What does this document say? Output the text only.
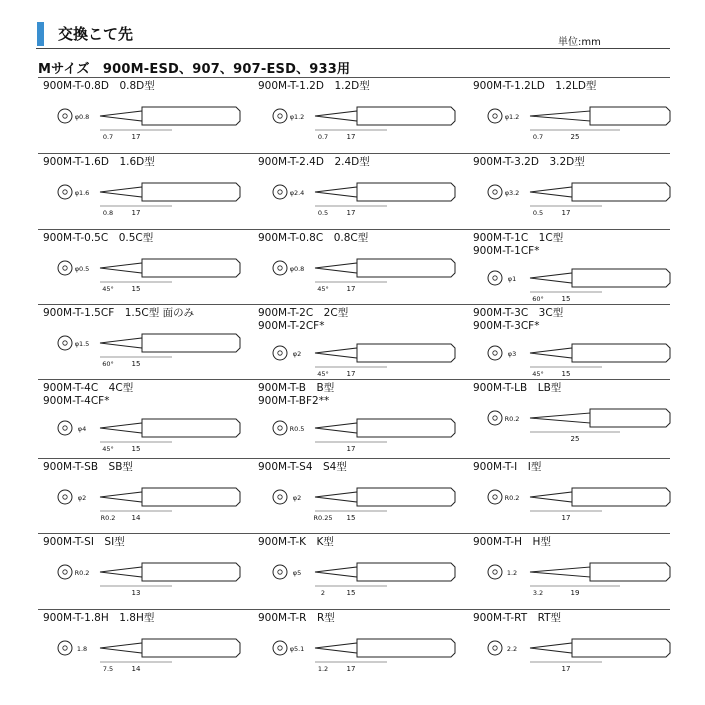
交換こて先	単位:mm
Mサイズ　900M-ESD、907、907-ESD、933用
900M-T-0.8D　0.8D型
17
φ0.8
0.7
900M-T-1.2D　1.2D型
17
φ1.2
0.7
900M-T-1.2LD　1.2LD型
25
φ1.2
0.7
900M-T-1.6D　1.6D型
17
φ1.6
0.8
900M-T-2.4D　2.4D型
17
φ2.4
0.5
900M-T-3.2D　3.2D型
17
φ3.2
0.5
900M-T-0.5C　0.5C型
15
φ0.5
45°
900M-T-0.8C　0.8C型
17
φ0.8
45°
900M-T-1C　1C型
900M-T-1CF*
15
φ1
60°
900M-T-1.5CF　1.5C型 面のみ
15
φ1.5
60°
900M-T-2C　2C型
900M-T-2CF*
17
φ2
45°
900M-T-3C　3C型
900M-T-3CF*
15
φ3
45°
900M-T-4C　4C型
900M-T-4CF*
15
φ4
45°
900M-T-B　B型
900M-T-BF2**
17
R0.5
900M-T-LB　LB型
25
R0.2
900M-T-SB　SB型
14
φ2
R0.2
900M-T-S4　S4型
15
φ2
R0.25
900M-T-I　I型
17
R0.2
900M-T-SI　SI型
13
R0.2
900M-T-K　K型
15
φ5
2
900M-T-H　H型
19
1.2
3.2
900M-T-1.8H　1.8H型
14
1.8
7.5
900M-T-R　R型
17
φ5.1
1.2
900M-T-RT　RT型
17
2.2
